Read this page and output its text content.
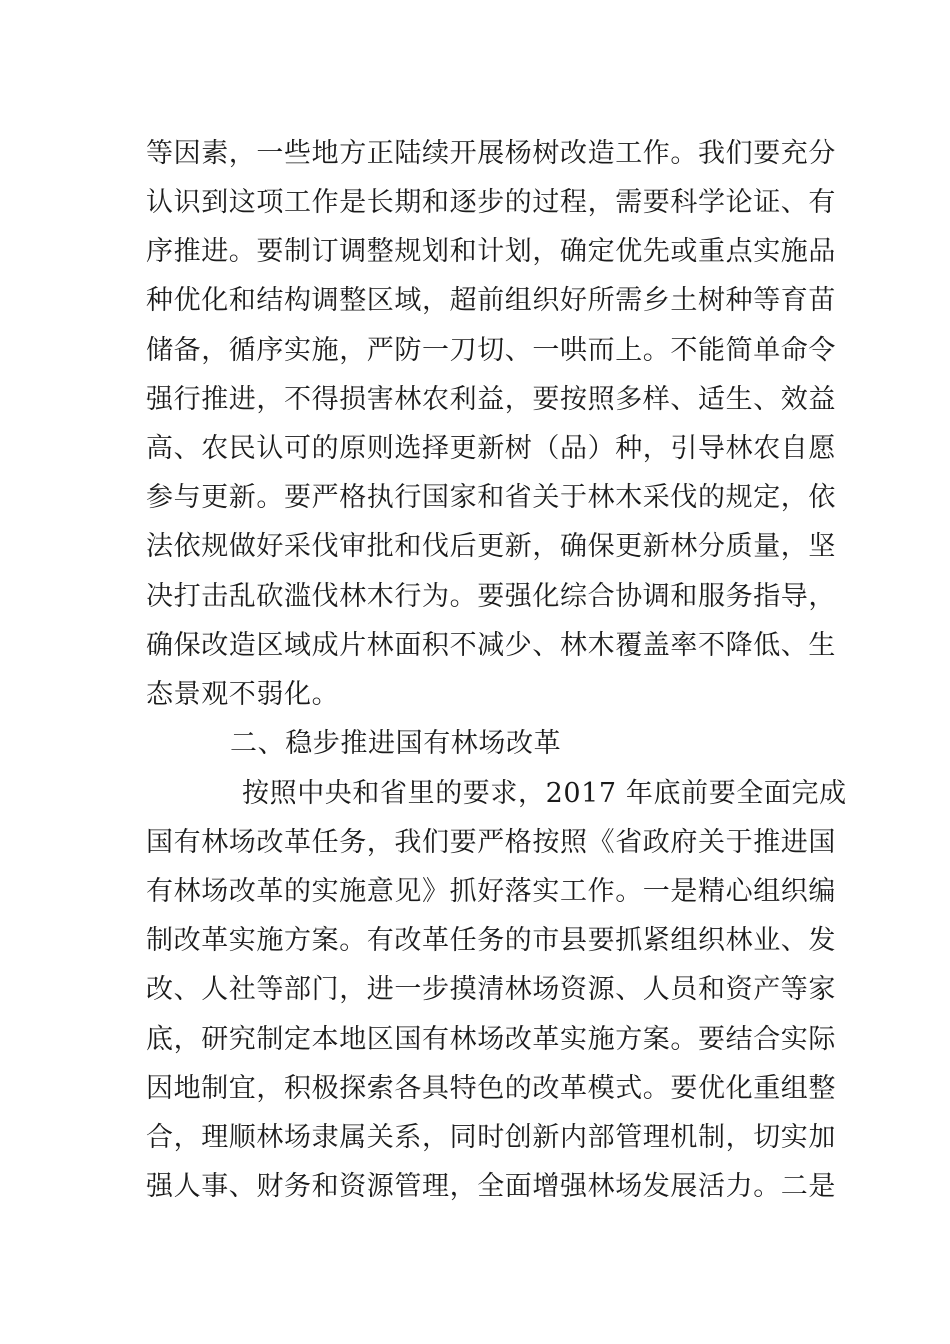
等因素，一些地方正陆续开展杨树改造工作。我们要充分
认识到这项工作是长期和逐步的过程，需要科学论证、有
序推进。要制订调整规划和计划，确定优先或重点实施品
种优化和结构调整区域，超前组织好所需乡土树种等育苗
储备，循序实施，严防一刀切、一哄而上。不能简单命令
强行推进，不得损害林农利益，要按照多样、适生、效益
高、农民认可的原则选择更新树（品）种，引导林农自愿
参与更新。要严格执行国家和省关于林木采伐的规定，依
法依规做好采伐审批和伐后更新，确保更新林分质量，坚
决打击乱砍滥伐林木行为。要强化综合协调和服务指导，
确保改造区域成片林面积不减少、林木覆盖率不降低、生
态景观不弱化。
二、稳步推进国有林场改革
按照中央和省里的要求，2017 年底前要全面完成
国有林场改革任务，我们要严格按照《省政府关于推进国
有林场改革的实施意见》抓好落实工作。一是精心组织编
制改革实施方案。有改革任务的市县要抓紧组织林业、发
改、人社等部门，进一步摸清林场资源、人员和资产等家
底，研究制定本地区国有林场改革实施方案。要结合实际
因地制宜，积极探索各具特色的改革模式。要优化重组整
合，理顺林场隶属关系，同时创新内部管理机制，切实加
强人事、财务和资源管理，全面增强林场发展活力。二是
